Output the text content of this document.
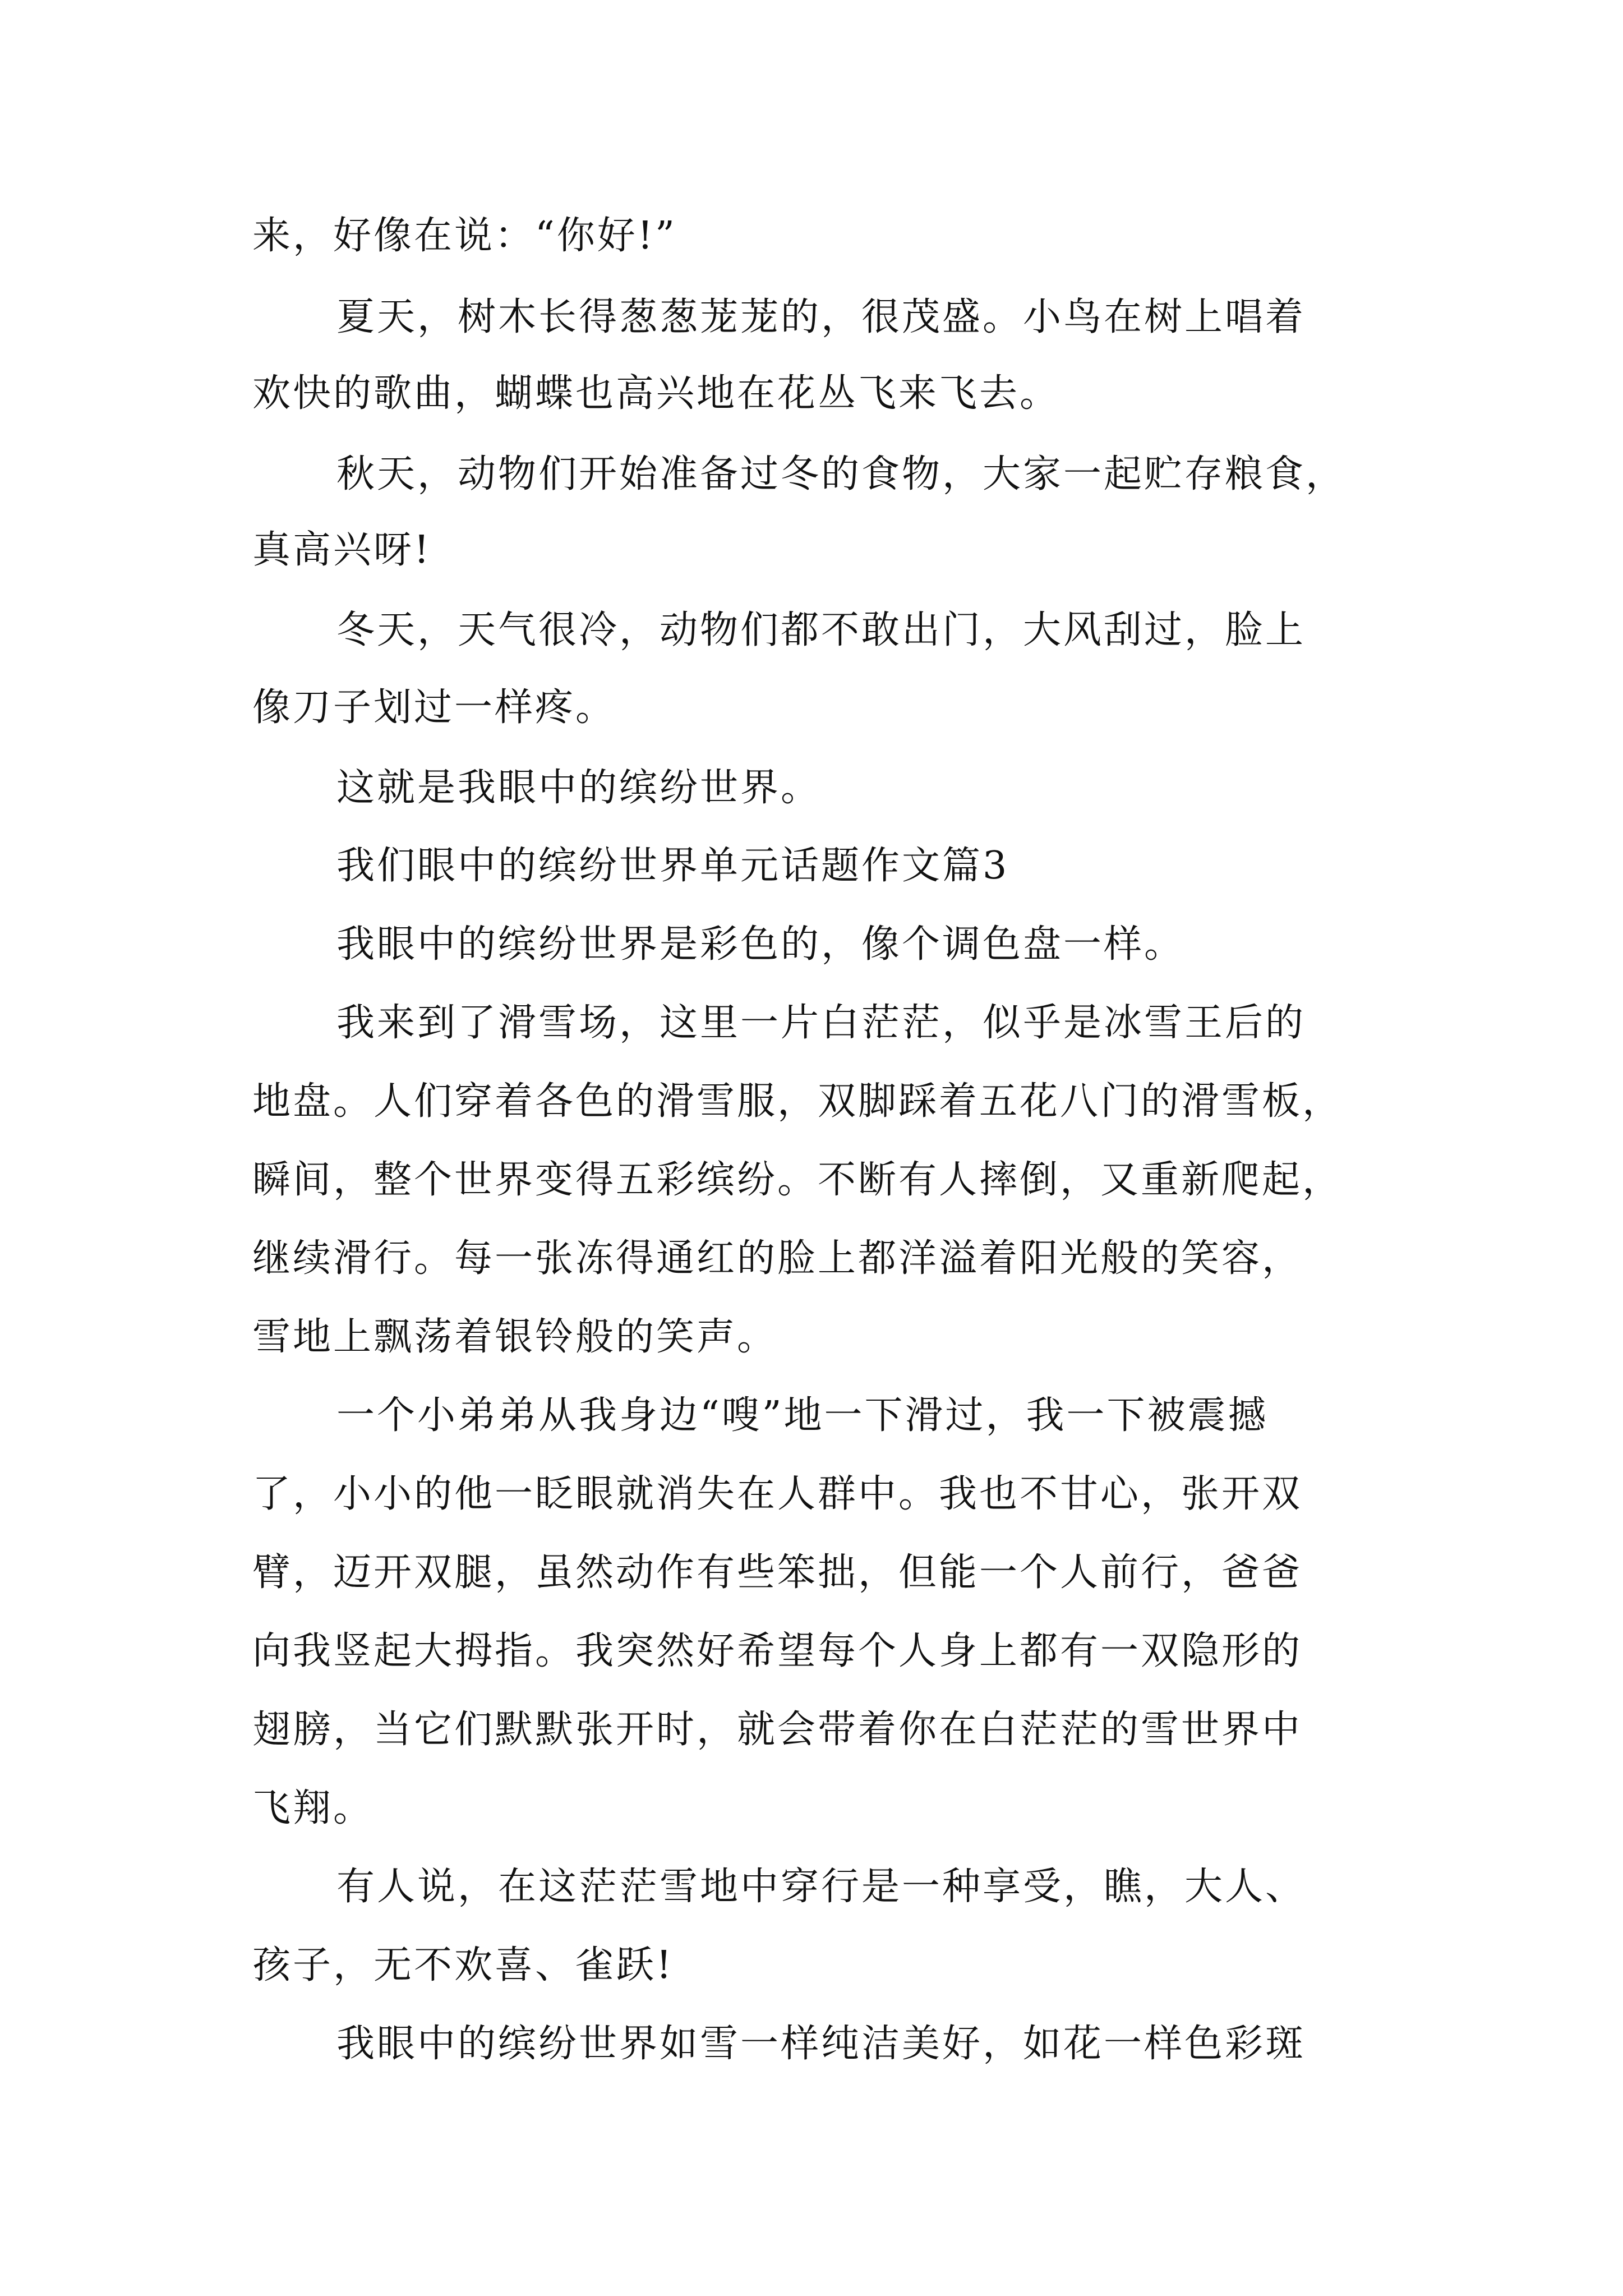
来，好像在说：“你好!”
夏天，树木长得葱葱茏茏的，很茂盛。小鸟在树上唱着
欢快的歌曲，蝴蝶也高兴地在花丛飞来飞去。
秋天，动物们开始准备过冬的食物，大家一起贮存粮食，
真高兴呀!
冬天，天气很冷，动物们都不敢出门，大风刮过，脸上
像刀子划过一样疼。
这就是我眼中的缤纷世界。
我们眼中的缤纷世界单元话题作文篇3
我眼中的缤纷世界是彩色的，像个调色盘一样。
我来到了滑雪场，这里一片白茫茫，似乎是冰雪王后的
地盘。人们穿着各色的滑雪服，双脚踩着五花八门的滑雪板，
瞬间，整个世界变得五彩缤纷。不断有人摔倒，又重新爬起，
继续滑行。每一张冻得通红的脸上都洋溢着阳光般的笑容，
雪地上飘荡着银铃般的笑声。
一个小弟弟从我身边“嗖”地一下滑过，我一下被震撼
了，小小的他一眨眼就消失在人群中。我也不甘心，张开双
臂，迈开双腿，虽然动作有些笨拙，但能一个人前行，爸爸
向我竖起大拇指。我突然好希望每个人身上都有一双隐形的
翅膀，当它们默默张开时，就会带着你在白茫茫的雪世界中
飞翔。
有人说，在这茫茫雪地中穿行是一种享受，瞧，大人、
孩子，无不欢喜、雀跃!
我眼中的缤纷世界如雪一样纯洁美好，如花一样色彩斑
